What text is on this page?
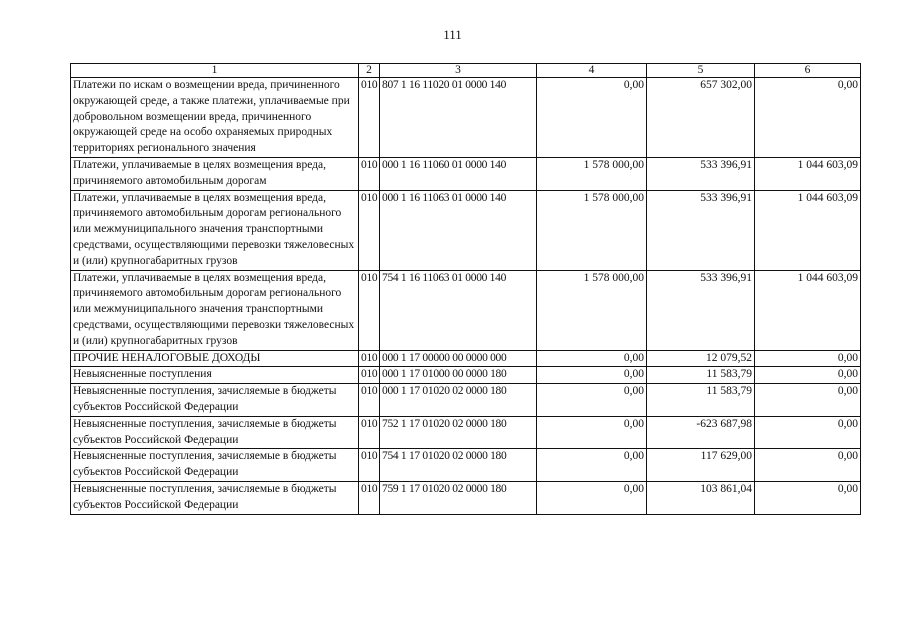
111
1	2	3	4	5	6
Платежи по искам о возмещении вреда, причиненного окружающей среде, а также платежи, уплачиваемые при добровольном возмещении вреда, причиненного окружающей среде на особо охраняемых природных территориях регионального значения	010	807 1 16 11020 01 0000 140	0,00	657 302,00	0,00
Платежи, уплачиваемые в целях возмещения вреда, причиняемого автомобильным дорогам	010	000 1 16 11060 01 0000 140	1 578 000,00	533 396,91	1 044 603,09
Платежи, уплачиваемые в целях возмещения вреда, причиняемого автомобильным дорогам регионального или межмуниципального значения транспортными средствами, осуществляющими перевозки тяжеловесных и (или) крупногабаритных грузов	010	000 1 16 11063 01 0000 140	1 578 000,00	533 396,91	1 044 603,09
Платежи, уплачиваемые в целях возмещения вреда, причиняемого автомобильным дорогам регионального или межмуниципального значения транспортными средствами, осуществляющими перевозки тяжеловесных и (или) крупногабаритных грузов	010	754 1 16 11063 01 0000 140	1 578 000,00	533 396,91	1 044 603,09
ПРОЧИЕ НЕНАЛОГОВЫЕ ДОХОДЫ	010	000 1 17 00000 00 0000 000	0,00	12 079,52	0,00
Невыясненные поступления	010	000 1 17 01000 00 0000 180	0,00	11 583,79	0,00
Невыясненные поступления, зачисляемые в бюджеты субъектов Российской Федерации	010	000 1 17 01020 02 0000 180	0,00	11 583,79	0,00
Невыясненные поступления, зачисляемые в бюджеты субъектов Российской Федерации	010	752 1 17 01020 02 0000 180	0,00	-623 687,98	0,00
Невыясненные поступления, зачисляемые в бюджеты субъектов Российской Федерации	010	754 1 17 01020 02 0000 180	0,00	117 629,00	0,00
Невыясненные поступления, зачисляемые в бюджеты субъектов Российской Федерации	010	759 1 17 01020 02 0000 180	0,00	103 861,04	0,00
